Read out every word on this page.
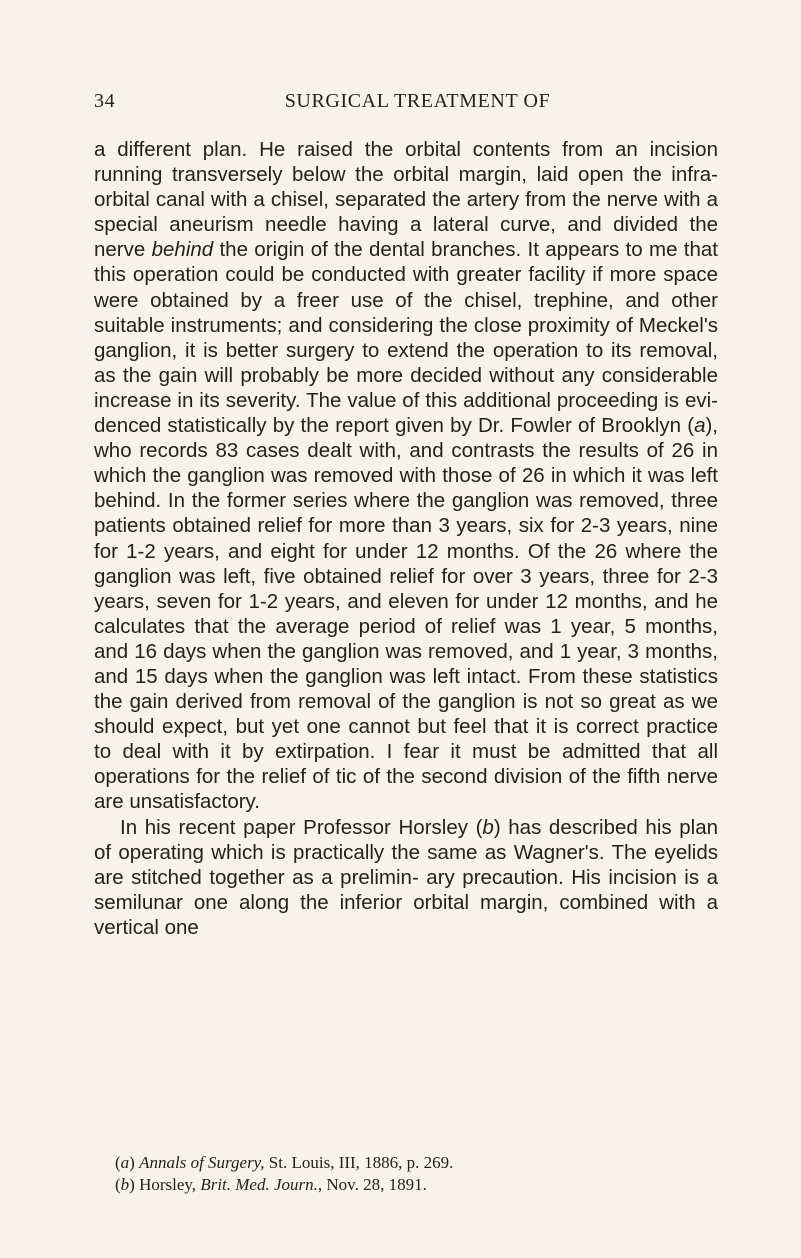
34	SURGICAL TREATMENT OF

a different plan. He raised the orbital contents from an incision running transversely below the orbital margin, laid open the infra-orbital canal with a chisel, separated the artery from the nerve with a special aneurism needle having a lateral curve, and divided the nerve behind the origin of the dental branches. It appears to me that this operation could be conducted with greater facility if more space were obtained by a freer use of the chisel, trephine, and other suitable instruments; and considering the close proximity of Meckel's ganglion, it is better surgery to extend the operation to its removal, as the gain will probably be more decided without any considerable increase in its severity. The value of this additional proceeding is evi- denced statistically by the report given by Dr. Fowler of Brooklyn (a), who records 83 cases dealt with, and contrasts the results of 26 in which the ganglion was removed with those of 26 in which it was left behind. In the former series where the ganglion was removed, three patients obtained relief for more than 3 years, six for 2-3 years, nine for 1-2 years, and eight for under 12 months. Of the 26 where the ganglion was left, five obtained relief for over 3 years, three for 2-3 years, seven for 1-2 years, and eleven for under 12 months, and he calculates that the average period of relief was 1 year, 5 months, and 16 days when the ganglion was removed, and 1 year, 3 months, and 15 days when the ganglion was left intact. From these statistics the gain derived from removal of the ganglion is not so great as we should expect, but yet one cannot but feel that it is correct practice to deal with it by extirpation. I fear it must be admitted that all operations for the relief of tic of the second division of the fifth nerve are unsatisfactory.

In his recent paper Professor Horsley (b) has described his plan of operating which is practically the same as Wagner's. The eyelids are stitched together as a prelimin- ary precaution. His incision is a semilunar one along the inferior orbital margin, combined with a vertical one

(a) Annals of Surgery, St. Louis, III, 1886, p. 269.

(b) Horsley, Brit. Med. Journ., Nov. 28, 1891.
